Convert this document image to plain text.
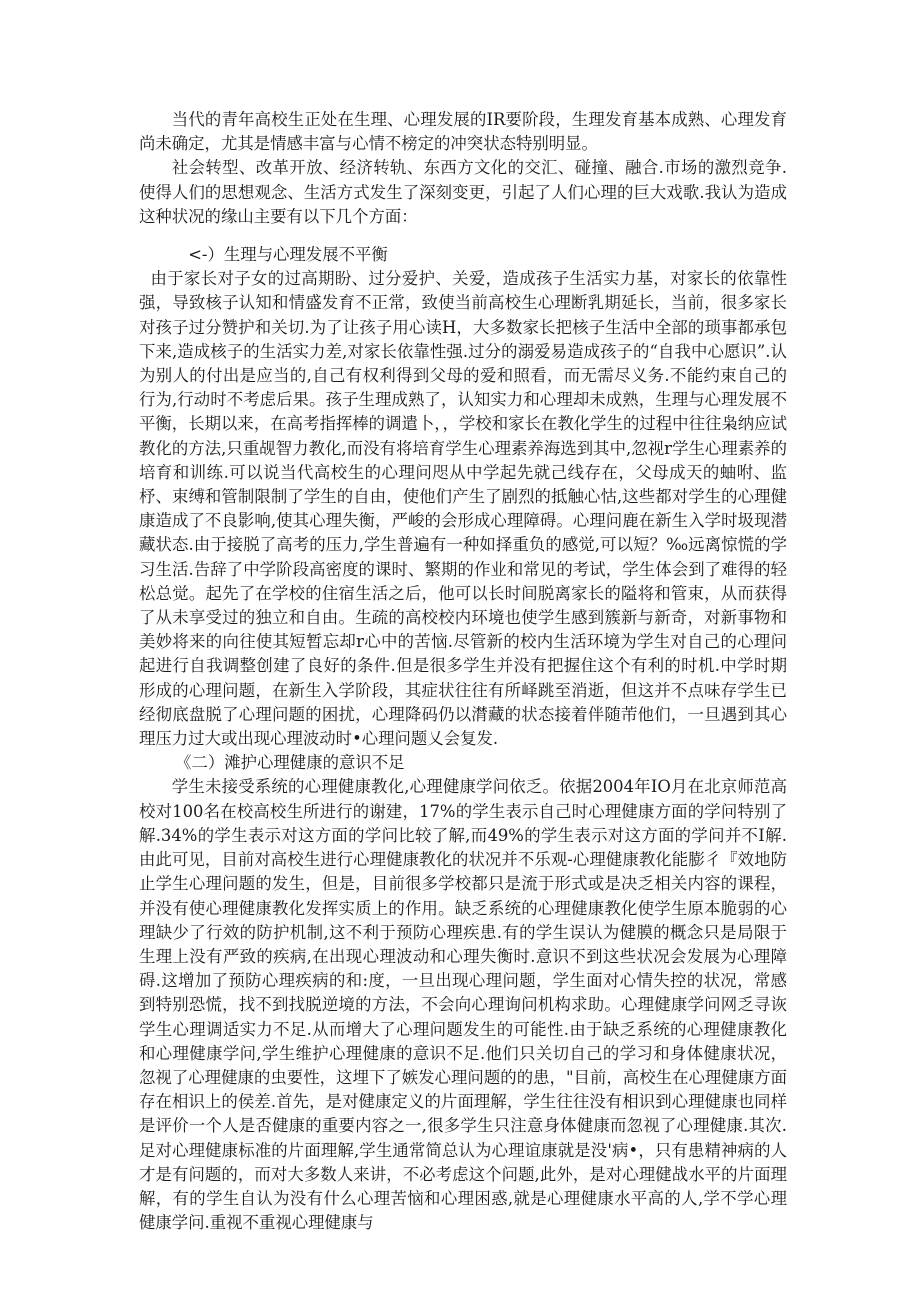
当代的青年高校生正处在生理、心理发展的IR要阶段，生理发育基本成熟、心理发育尚未确定，尤其是情感丰富与心情不榜定的冲突状态特别明显。

社会转型、改革开放、经济转轨、东西方文化的交汇、碰撞、融合.市场的激烈竞争.使得人们的思想观念、生活方式发生了深刻变更，引起了人们心理的巨大戏歌.我认为造成这种状况的缘山主要有以下几个方面：

<-）生理与心理发展不平衡

由于家长对子女的过高期盼、过分爱护、关爱，造成孩子生活实力基，对家长的依靠性强，导致核子认知和情盛发育不正常，致使当前高校生心理断乳期延长，当前，很多家长对孩子过分赞护和关切.为了让孩子用心读H，大多数家长把核子生活中全部的琐事都承包下来,造成核子的生活实力差,对家长依靠性强.过分的溺爱易造成孩子的“自我中心愿识”.认为别人的付出是应当的,自己有权利得到父母的爱和照看，而无需尽义务.不能约束自己的行为,行动时不考虑后果。孩子生理成熟了，认知实力和心理却未成熟，生理与心理发展不平衡，长期以来，在高考指挥棒的调遣卜，，学校和家长在教化学生的过程中往往枭纳应试教化的方法,只重觇智力教化,而没有将培育学生心理素养海选到其中,忽视r学生心理素养的培育和训练.可以说当代高校生的心理问咫从中学起先就己线存在，父母成天的蚰咐、监杼、束缚和管制限制了学生的自由，使他们产生了剧烈的抵触心怙,这些都对学生的心理健康造成了不良影响,使其心理失衡，严峻的会形成心理障碍。心理问鹿在新生入学时圾现潜藏状态.由于接脱了高考的压力,学生普遍有一种如择重负的感觉,可以短？‰远离惊慌的学习生活.告辞了中学阶段高密度的课时、繁期的作业和常见的考试，学生体会到了难得的轻松总觉。起先了在学校的住宿生活之后，他可以长时间脱离家长的隘将和管束，从而获得了从未享受过的独立和自由。生疏的高校校内环境也使学生感到簇新与新奇，对新事物和美妙将来的向往使其短暂忘却r心中的苦恼.尽管新的校内生活环境为学生对自己的心理问起进行自我调整创建了良好的条件.但是很多学生并没有把握住这个有利的时机.中学时期形成的心理问题，在新生入学阶段，其症状往往有所峄跳至消逝，但这并不点味存学生已经彻底盘脱了心理问题的困扰，心理降码仍以潸藏的状态接着伴随芾他们，一旦遇到其心理压力过大或出现心理波动时•心理问题乂会复发.

《二）滩护心理健康的意识不足

学生未接受系统的心理健康教化,心理健康学问依乏。依据2004年IO月在北京师范高校对100名在校高校生所进行的谢建，17%的学生表示自己时心理健康方面的学问特别了解.34%的学生表示对这方面的学问比较了解,而49%的学生表示对这方面的学问并不I解.由此可见，目前对高校生进行心理健康教化的状况并不乐观-心理健康教化能膨彳『效地防止学生心理问题的发生，但是，目前很多学校都只是流于形式或是决乏相关内容的课程，并没有使心理健康教化发挥实质上的作用。缺乏系统的心理健康教化使学生原本脆弱的心理缺少了行效的防护机制,这不利于预防心理疾患.有的学生误认为健膜的概念只是局限于生理上没有严致的疾病,在出现心理波动和心理失衡时.意识不到这些状况会发展为心理障碍.这增加了预防心理疾病的和:度，一旦出现心理问题，学生面对心情失控的状况，常感到特别恐慌，找不到找脱逆境的方法，不会向心理询问机构求助。心理健康学问网乏寻诙学生心理调适实力不足.从而增大了心理问题发生的可能性.由于缺乏系统的心理健康教化和心理健康学问,学生维护心理健康的意识不足.他们只关切自己的学习和身体健康状况，忽视了心理健康的虫要性，这埋下了嫉发心理问题的的患，"目前，高校生在心理健康方面存在相识上的侯差.首先，是对健康定义的片面理解，学生往往没有相识到心理健康也同样是评价一个人是否健康的重要内容之一,很多学生只注意身体健康而忽视了心理健康.其次.足对心理健康标准的片面理解,学生通常简总认为心理谊康就是没'病•，只有患精神病的人才是有问题的，而对大多数人来讲，不必考虑这个问题,此外，是对心理健战水平的片面理解，有的学生自认为没有什么心理苦恼和心理困惑,就是心理健康水平高的人,学不学心理健康学问.重视不重视心理健康与
